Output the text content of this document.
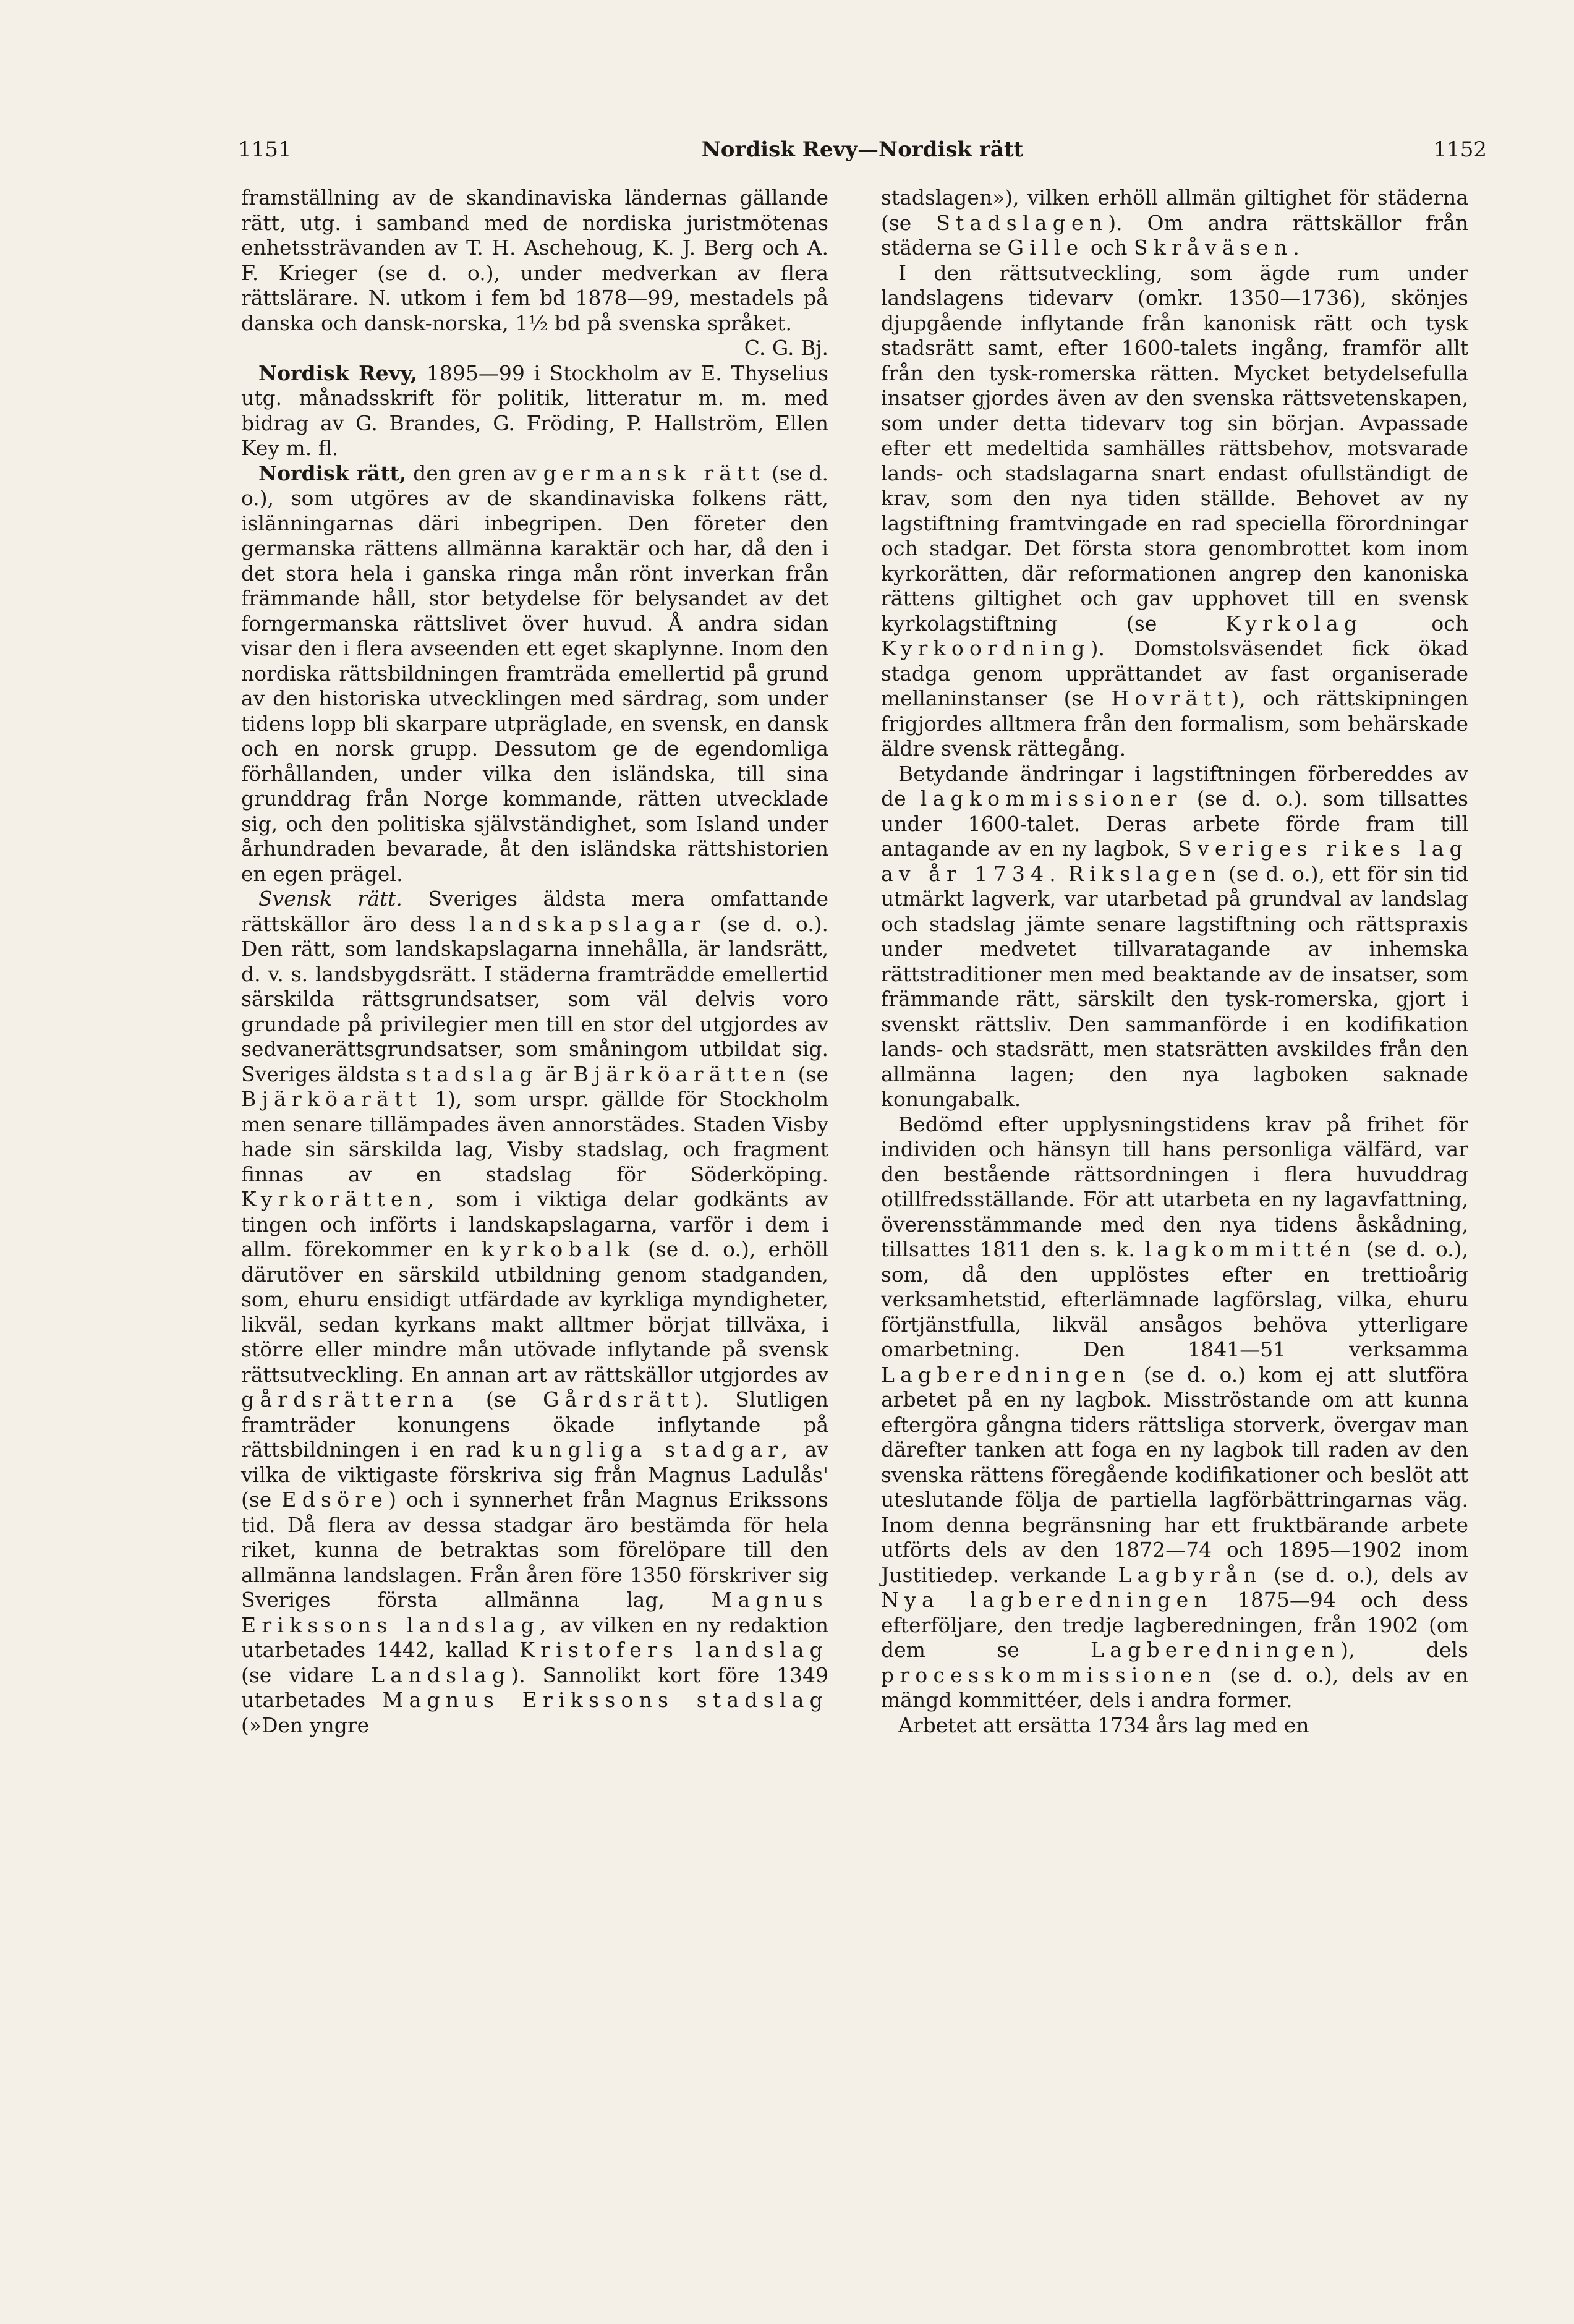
1151	Nordisk Revy—Nordisk rätt	1152

framställning av de skandinaviska ländernas gällande rätt, utg. i samband med de nordiska juristmötenas enhetssträvanden av T. H. Aschehoug, K. J. Berg och A. F. Krieger (se d. o.), under medverkan av flera rättslärare. N. utkom i fem bd 1878—99, mestadels på danska och dansk-norska, 1½ bd på svenska språket.
C. G. Bj.

Nordisk Revy, 1895—99 i Stockholm av E. Thyselius utg. månadsskrift för politik, litteratur m. m. med bidrag av G. Brandes, G. Fröding, P. Hallström, Ellen Key m. fl.

Nordisk rätt, den gren av germansk rätt (se d. o.), som utgöres av de skandinaviska folkens rätt, islänningarnas däri inbegripen. Den företer den germanska rättens allmänna karaktär och har, då den i det stora hela i ganska ringa mån rönt inverkan från främmande håll, stor betydelse för belysandet av det forngermanska rättslivet över huvud. Å andra sidan visar den i flera avseenden ett eget skaplynne. Inom den nordiska rättsbildningen framträda emellertid på grund av den historiska utvecklingen med särdrag, som under tidens lopp bli skarpare utpräglade, en svensk, en dansk och en norsk grupp. Dessutom ge de egendomliga förhållanden, under vilka den isländska, till sina grunddrag från Norge kommande, rätten utvecklade sig, och den politiska självständighet, som Island under århundraden bevarade, åt den isländska rättshistorien en egen prägel.

Svensk rätt. Sveriges äldsta mera omfattande rättskällor äro dess landskapslagar (se d. o.). Den rätt, som landskapslagarna innehålla, är landsrätt, d. v. s. landsbygdsrätt. I städerna framträdde emellertid särskilda rättsgrundsatser, som väl delvis voro grundade på privilegier men till en stor del utgjordes av sedvanerättsgrundsatser, som småningom utbildat sig. Sveriges äldsta stadslag är Bjärköarätten (se Bjärköarätt 1), som urspr. gällde för Stockholm men senare tillämpades även annorstädes. Staden Visby hade sin särskilda lag, Visby stadslag, och fragment finnas av en stadslag för Söderköping. Kyrkorätten, som i viktiga delar godkänts av tingen och införts i landskapslagarna, varför i dem i allm. förekommer en kyrkobalk (se d. o.), erhöll därutöver en särskild utbildning genom stadganden, som, ehuru ensidigt utfärdade av kyrkliga myndigheter, likväl, sedan kyrkans makt alltmer börjat tillväxa, i större eller mindre mån utövade inflytande på svensk rättsutveckling. En annan art av rättskällor utgjordes av gårdsrätterna (se Gårdsrätt). Slutligen framträder konungens ökade inflytande på rättsbildningen i en rad kungliga stadgar, av vilka de viktigaste förskriva sig från Magnus Ladulås' (se Edsöre) och i synnerhet från Magnus Erikssons tid. Då flera av dessa stadgar äro bestämda för hela riket, kunna de betraktas som förelöpare till den allmänna landslagen. Från åren före 1350 förskriver sig Sveriges första allmänna lag, Magnus Erikssons landslag, av vilken en ny redaktion utarbetades 1442, kallad Kristofers landslag (se vidare Landslag). Sannolikt kort före 1349 utarbetades Magnus Erikssons stadslag (»Den yngre

stadslagen»), vilken erhöll allmän giltighet för städerna (se Stadslagen). Om andra rättskällor från städerna se Gille och Skråväsen.

I den rättsutveckling, som ägde rum under landslagens tidevarv (omkr. 1350—1736), skönjes djupgående inflytande från kanonisk rätt och tysk stadsrätt samt, efter 1600-talets ingång, framför allt från den tysk-romerska rätten. Mycket betydelsefulla insatser gjordes även av den svenska rättsvetenskapen, som under detta tidevarv tog sin början. Avpassade efter ett medeltida samhälles rättsbehov, motsvarade lands- och stadslagarna snart endast ofullständigt de krav, som den nya tiden ställde. Behovet av ny lagstiftning framtvingade en rad speciella förordningar och stadgar. Det första stora genombrottet kom inom kyrkorätten, där reformationen angrep den kanoniska rättens giltighet och gav upphovet till en svensk kyrkolagstiftning (se Kyrkolag och Kyrkoordning). Domstolsväsendet fick ökad stadga genom upprättandet av fast organiserade mellaninstanser (se Hovrätt), och rättskipningen frigjordes alltmera från den formalism, som behärskade äldre svensk rättegång.

Betydande ändringar i lagstiftningen förbereddes av de lagkommissioner (se d. o.). som tillsattes under 1600-talet. Deras arbete förde fram till antagande av en ny lagbok, Sveriges rikes lag av år 1734. Rikslagen (se d. o.), ett för sin tid utmärkt lagverk, var utarbetad på grundval av landslag och stadslag jämte senare lagstiftning och rättspraxis under medvetet tillvaratagande av inhemska rättstraditioner men med beaktande av de insatser, som främmande rätt, särskilt den tysk-romerska, gjort i svenskt rättsliv. Den sammanförde i en kodifikation lands- och stadsrätt, men statsrätten avskildes från den allmänna lagen; den nya lagboken saknade konungabalk.

Bedömd efter upplysningstidens krav på frihet för individen och hänsyn till hans personliga välfärd, var den bestående rättsordningen i flera huvuddrag otillfredsställande. För att utarbeta en ny lagavfattning, överensstämmande med den nya tidens åskådning, tillsattes 1811 den s. k. lagkommittén (se d. o.), som, då den upplöstes efter en trettioårig verksamhetstid, efterlämnade lagförslag, vilka, ehuru förtjänstfulla, likväl ansågos behöva ytterligare omarbetning. Den 1841—51 verksamma Lagberedningen (se d. o.) kom ej att slutföra arbetet på en ny lagbok. Misströstande om att kunna eftergöra gångna tiders rättsliga storverk, övergav man därefter tanken att foga en ny lagbok till raden av den svenska rättens föregående kodifikationer och beslöt att uteslutande följa de partiella lagförbättringarnas väg. Inom denna begränsning har ett fruktbärande arbete utförts dels av den 1872—74 och 1895—1902 inom Justitiedep. verkande Lagbyrån (se d. o.), dels av Nya lagberedningen 1875—94 och dess efterföljare, den tredje lagberedningen, från 1902 (om dem se Lagberedningen), dels processkommissionen (se d. o.), dels av en mängd kommittéer, dels i andra former.

Arbetet att ersätta 1734 års lag med en
